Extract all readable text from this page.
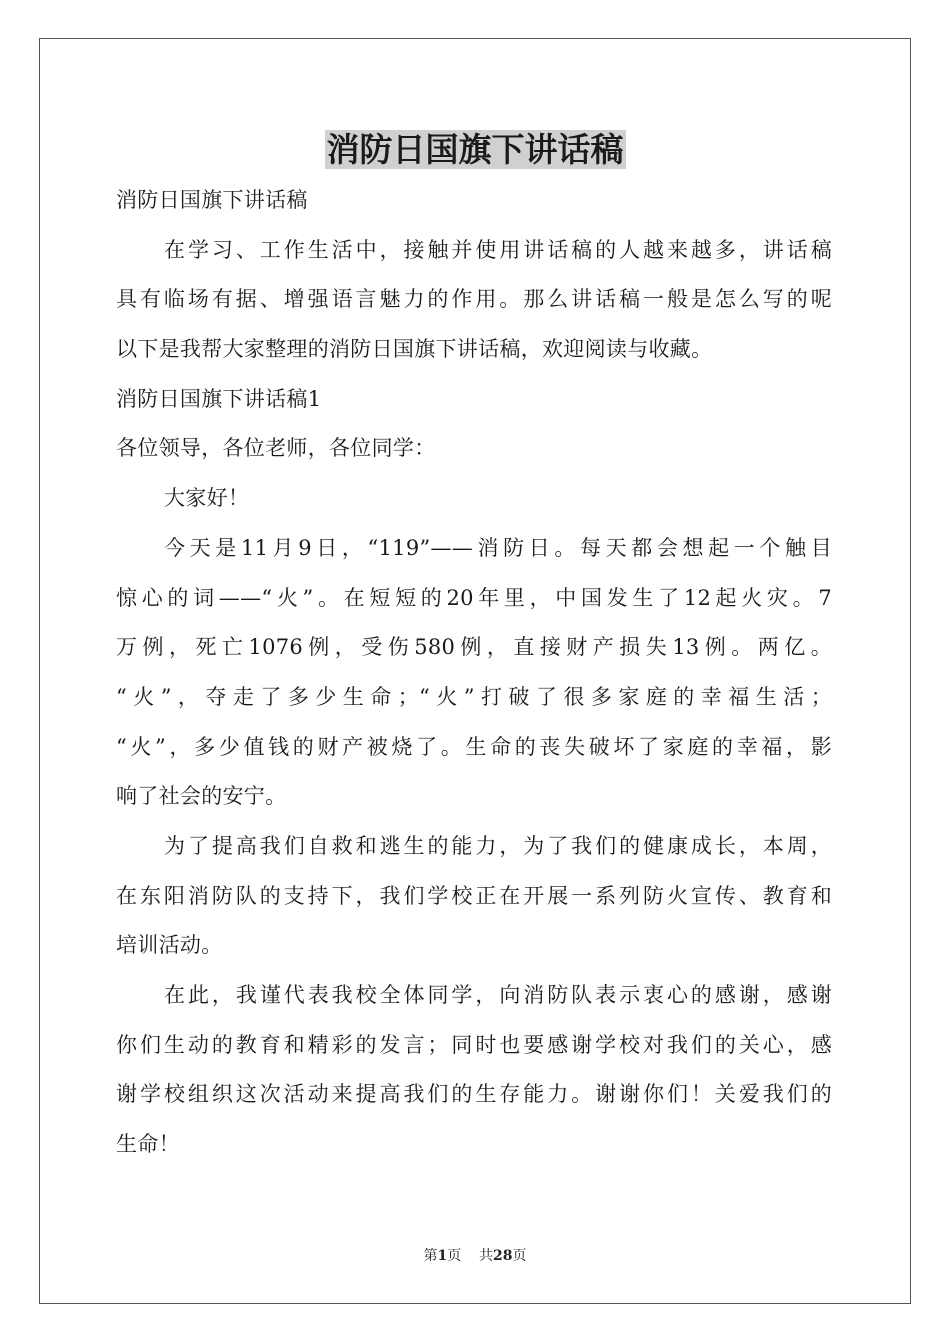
消防日国旗下讲话稿
消防日国旗下讲话稿
在学习、工作生活中，接触并使用讲话稿的人越来越多，讲话稿
具有临场有据、增强语言魅力的作用。那么讲话稿一般是怎么写的呢
以下是我帮大家整理的消防日国旗下讲话稿，欢迎阅读与收藏。
消防日国旗下讲话稿1
各位领导，各位老师，各位同学：
大家好！
今天是11月9日，“119”——消防日。每天都会想起一个触目
惊心的词——“火”。在短短的20年里，中国发生了12起火灾。7
万例，死亡1076例，受伤580例，直接财产损失13例。两亿。
“火”，夺走了多少生命；“火”打破了很多家庭的幸福生活；
“火”，多少值钱的财产被烧了。生命的丧失破坏了家庭的幸福，影
响了社会的安宁。
为了提高我们自救和逃生的能力，为了我们的健康成长，本周，
在东阳消防队的支持下，我们学校正在开展一系列防火宣传、教育和
培训活动。
在此，我谨代表我校全体同学，向消防队表示衷心的感谢，感谢
你们生动的教育和精彩的发言；同时也要感谢学校对我们的关心，感
谢学校组织这次活动来提高我们的生存能力。谢谢你们！关爱我们的
生命！
第1页 共28页
